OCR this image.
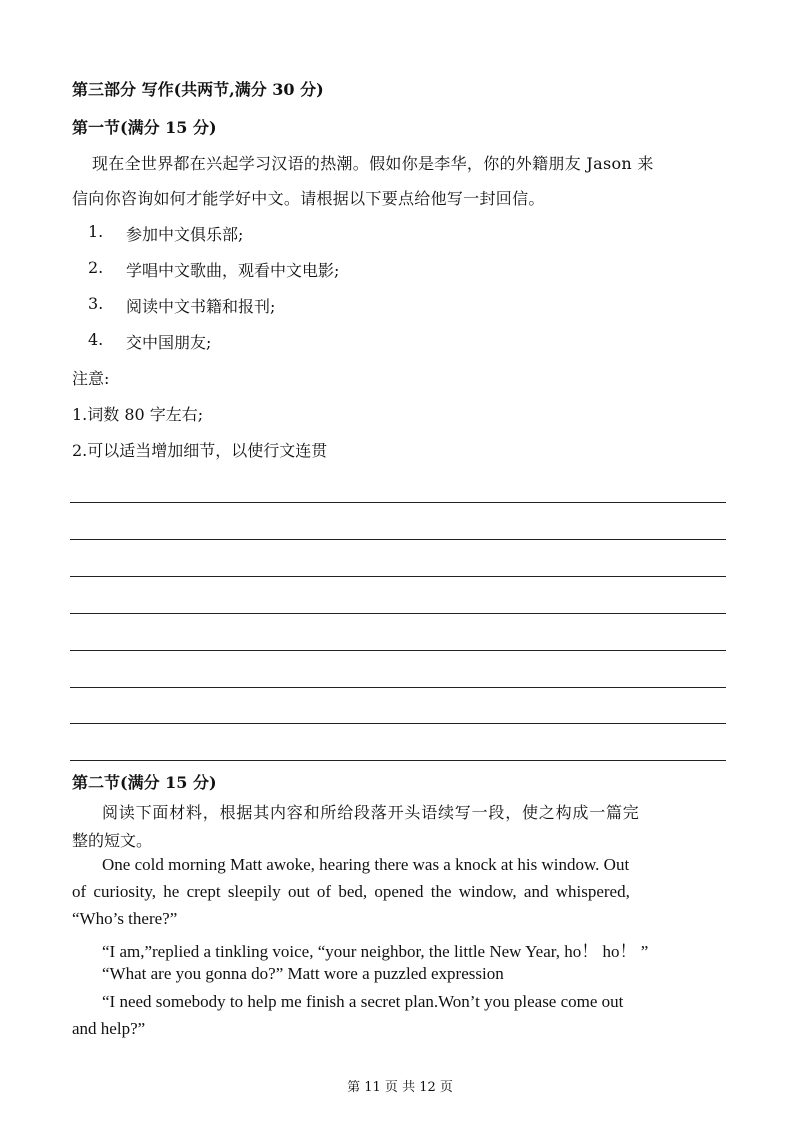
第三部分 写作(共两节,满分 30 分)
第一节(满分 15 分)
现在全世界都在兴起学习汉语的热潮。假如你是李华，你的外籍朋友 Jason 来
信向你咨询如何才能学好中文。请根据以下要点给他写一封回信。
1. 参加中文俱乐部;
2. 学唱中文歌曲，观看中文电影;
3. 阅读中文书籍和报刊;
4. 交中国朋友;
注意:
1.词数 80 字左右;
2.可以适当增加细节，以使行文连贯
第二节(满分 15 分)
阅读下面材料，根据其内容和所给段落开头语续写一段，使之构成一篇完
整的短文。
One cold morning Matt awoke, hearing there was a knock at his window. Out
of curiosity, he crept sleepily out of bed, opened the window, and whispered,
“Who’s there?”
“I am,”replied a tinkling voice, “your neighbor, the little New Year, ho！ ho！ ”
“What are you gonna do?” Matt wore a puzzled expression
“I need somebody to help me finish a secret plan.Won’t you please come out
and help?”
第 11 页 共 12 页
